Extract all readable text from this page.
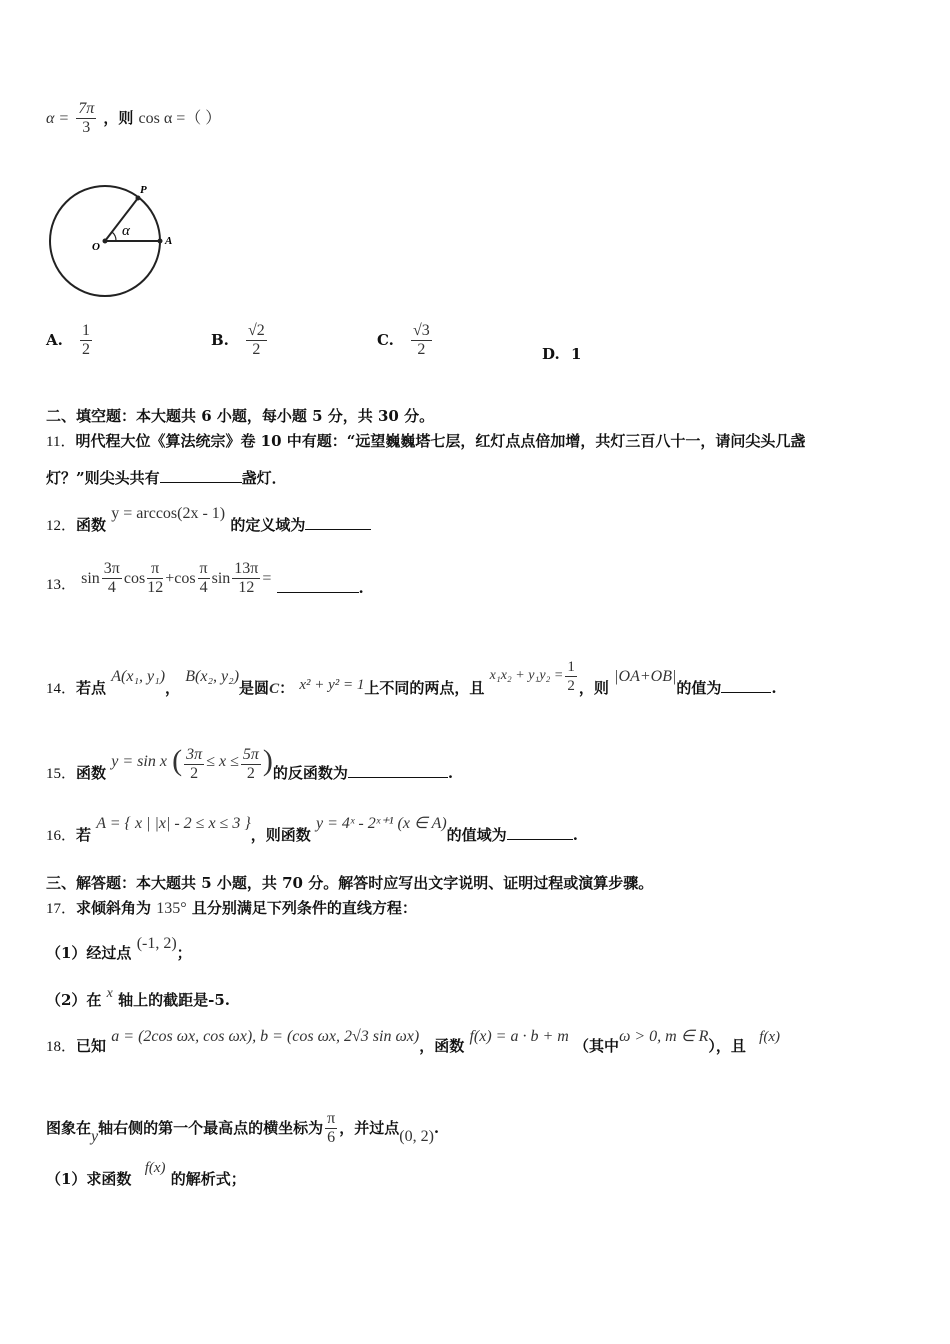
$\alpha = \frac{7\pi}{3}$ ，则 cos α =（ ）
P
O	A
α
A. $\frac{1}{2}$	B. $\frac{√2}{2}$	C. $\frac{√3}{2}$	D. 1
二、填空题：本大题共 6 小题，每小题 5 分，共 30 分。
11．明代程大位《算法统宗》卷 10 中有题：“远望巍巍塔七层，红灯点点倍加增，共灯三百八十一，请问尖头几盏
灯？”则尖头共有	盏灯．
12．函数 y = arccos(2x - 1) 的定义域为
13． $\sin \frac{3\pi}{4}$ $\cos \frac{\pi}{12} +\cos \frac{\pi}{4}$ $\sin \frac{13\pi}{12}$ = .
14．若点 A(x₁, y₁)， B(x₂, y₂)是圆C： x² + y² = 1上不同的两点，且 $x_1x_2 + y_1y_2 = \frac{1}{2}$ ，则 |OA+OB|的值为	.
15．函数 y = sin x ( $\frac{3\pi}{2} \le x \le \frac{5\pi}{2}$ )的反函数为	.
16．若 A = { x | |x| - 2 ≤ x ≤ 3 }，则函数 y = 4ˣ - 2ˣ⁺¹ (x ∈ A)的值域为	.
三、解答题：本大题共 5 小题，共 70 分。解答时应写出文字说明、证明过程或演算步骤。
17．求倾斜角为 135° 且分别满足下列条件的直线方程：
（1）经过点 (-1, 2)；
（2）在 x 轴上的截距是-5.
18．已知 a = (2cos ωx, cos ωx), b = (cos ωx, 2√3 sin ωx)，函数 f(x) = a · b + m （其中ω > 0, m ∈ R），且 f(x)
图象在y轴右侧的第一个最高点的横坐标为 $\frac{\pi}{6}$ ，并过点(0, 2).
（1）求函数 f(x) 的解析式；
